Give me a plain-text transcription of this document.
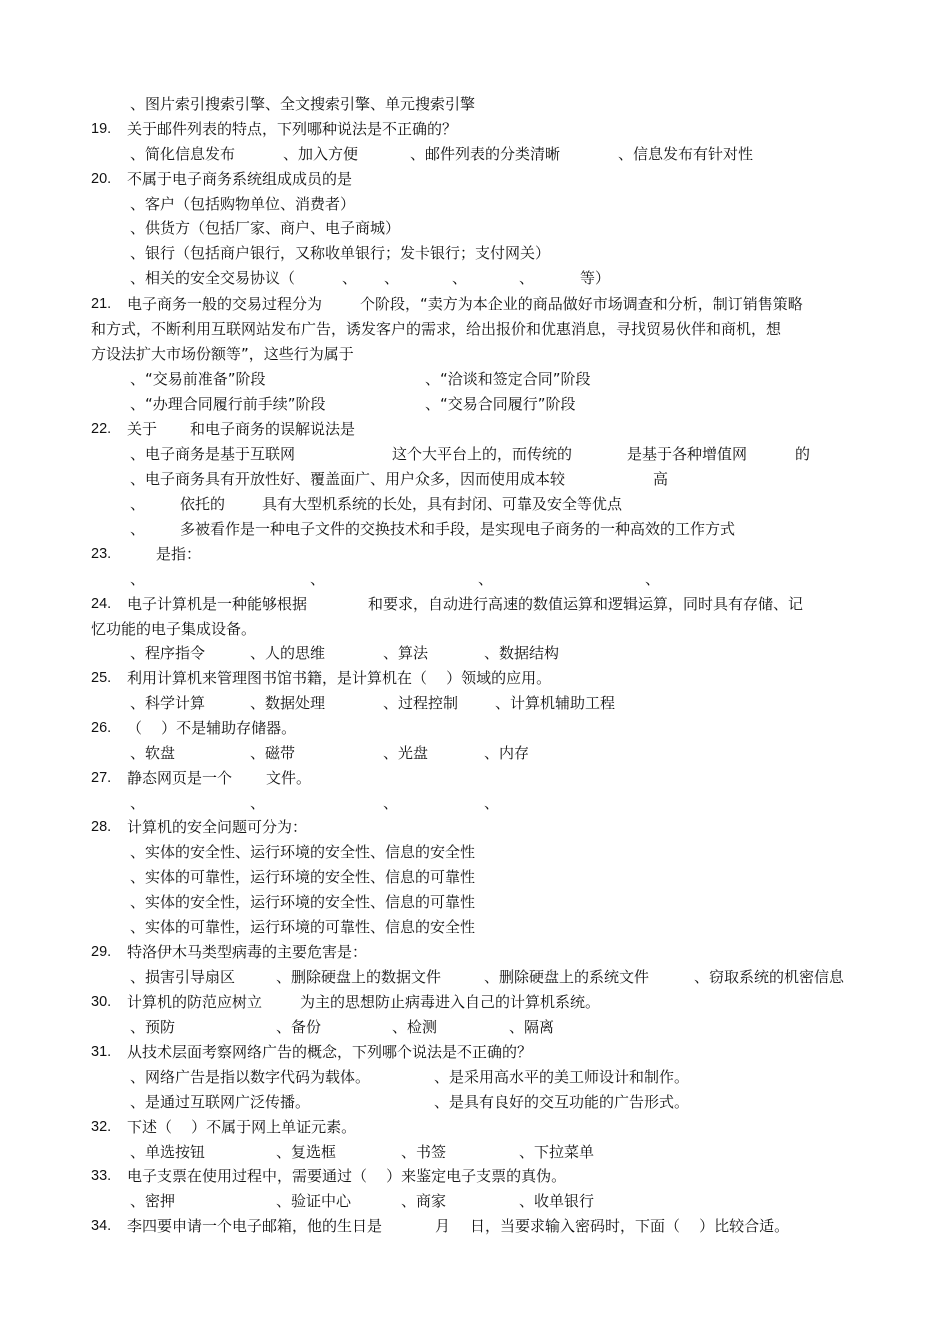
、图片索引搜索引擎、全文搜索引擎、单元搜索引擎
19. 关于邮件列表的特点，下列哪种说法是不正确的？
、简化信息发布	、加入方便	、邮件列表的分类清晰	、信息发布有针对性
20. 不属于电子商务系统组成成员的是
、客户（包括购物单位、消费者）
、供货方（包括厂家、商户、电子商城）
、银行（包括商户银行，又称收单银行；发卡银行；支付网关）
、相关的安全交易协议（	、 、	、	、	等）
21. 电子商务一般的交易过程分为	个阶段，“卖方为本企业的商品做好市场调查和分析，制订销售策略
和方式，不断利用互联网站发布广告，诱发客户的需求，给出报价和优惠消息，寻找贸易伙伴和商机，想
方设法扩大市场份额等”，这些行为属于
、“交易前准备”阶段	、“洽谈和签定合同”阶段
、“办理合同履行前手续”阶段	、“交易合同履行”阶段
22. 关于 和电子商务的误解说法是
、电子商务是基于互联网	这个大平台上的，而传统的	是基于各种增值网	的
、电子商务具有开放性好、覆盖面广、用户众多，因而使用成本较	高
、 依托的 具有大型机系统的长处，具有封闭、可靠及安全等优点
、 多被看作是一种电子文件的交换技术和手段，是实现电子商务的一种高效的工作方式
23.	是指：
、	、	、	、
24. 电子计算机是一种能够根据	和要求，自动进行高速的数值运算和逻辑运算，同时具有存储、记
忆功能的电子集成设备。
、程序指令	、人的思维	、算法	、数据结构
25. 利用计算机来管理图书馆书籍，是计算机在（    ）领域的应用。
、科学计算	、数据处理	、过程控制 、计算机辅助工程
26. （    ）不是辅助存储器。
、软盘	、磁带	、光盘	、内存
27. 静态网页是一个 文件。
、	、	、	、
28. 计算机的安全问题可分为：
、实体的安全性、运行环境的安全性、信息的安全性
、实体的可靠性，运行环境的安全性、信息的可靠性
、实体的安全性，运行环境的安全性、信息的可靠性
、实体的可靠性，运行环境的可靠性、信息的安全性
29. 特洛伊木马类型病毒的主要危害是：
、损害引导扇区	、删除硬盘上的数据文件	、删除硬盘上的系统文件	、窃取系统的机密信息
30. 计算机的防范应树立	为主的思想防止病毒进入自己的计算机系统。
、预防	、备份	、检测	、隔离
31. 从技术层面考察网络广告的概念，下列哪个说法是不正确的？
、网络广告是指以数字代码为载体。	、是采用高水平的美工师设计和制作。
、是通过互联网广泛传播。	、是具有良好的交互功能的广告形式。
32. 下述（    ）不属于网上单证元素。
、单选按钮	、复选框	、书签	、下拉菜单
33. 电子支票在使用过程中，需要通过（    ）来鉴定电子支票的真伪。
、密押	、验证中心	、商家	、收单银行
34. 李四要申请一个电子邮箱，他的生日是	月 日，当要求输入密码时，下面（    ）比较合适。
